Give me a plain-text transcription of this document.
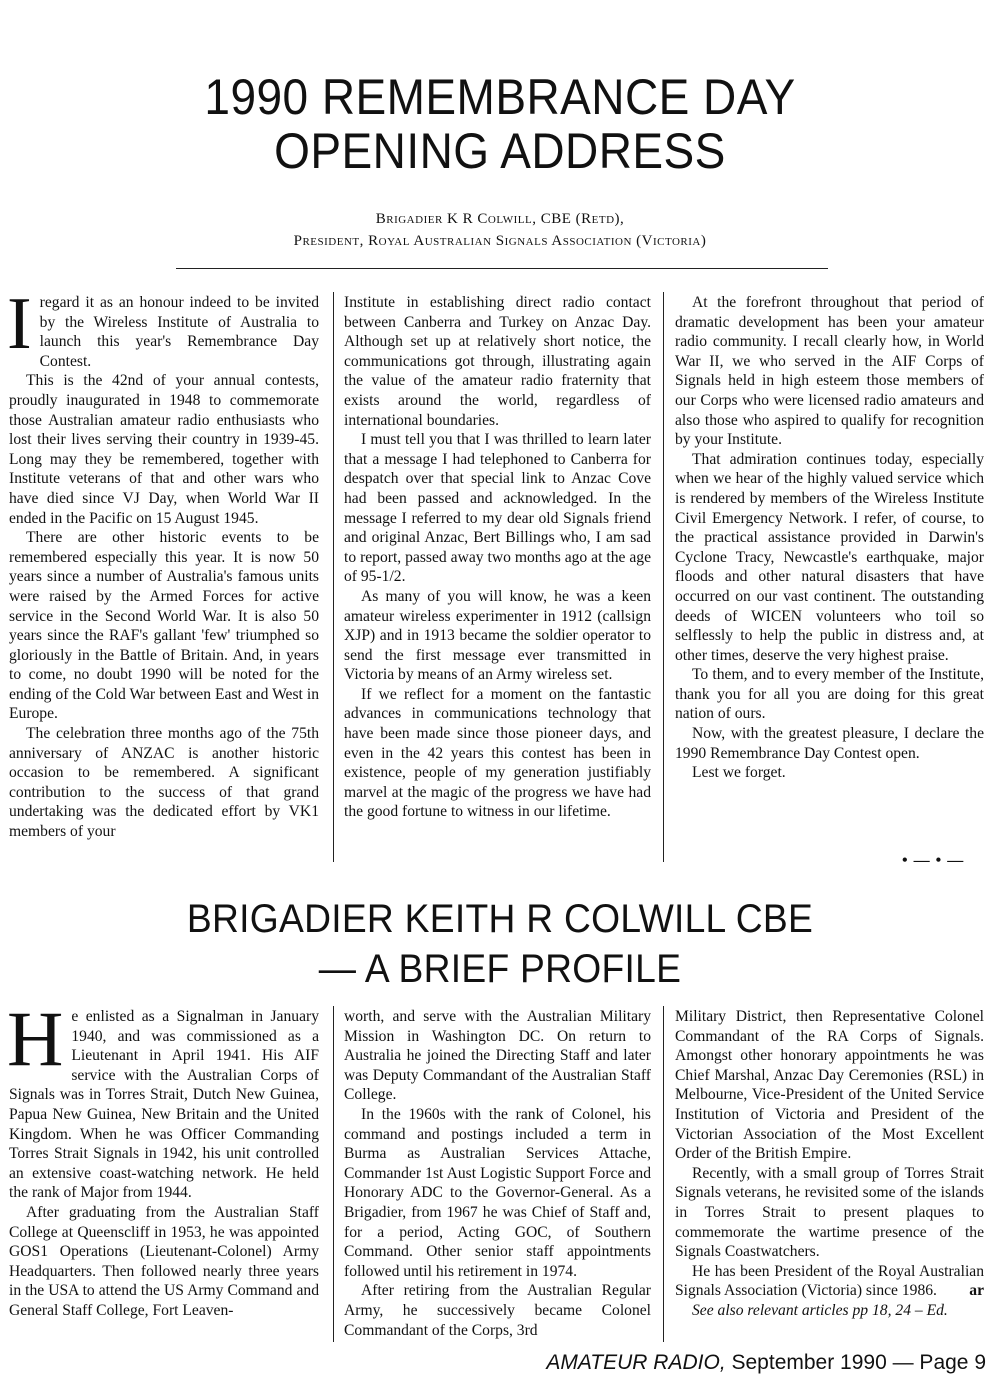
1990 REMEMBRANCE DAY
OPENING ADDRESS
Brigadier K R Colwill, CBE (Retd),
President, Royal Australian Signals Association (Victoria)

Iregard it as an honour indeed to be invited by the Wireless Institute of Australia to launch this year's Remembrance Day Contest.

This is the 42nd of your annual contests, proudly inaugurated in 1948 to commemorate those Australian amateur radio enthusiasts who lost their lives serving their country in 1939-45. Long may they be remembered, together with Institute veterans of that and other wars who have died since VJ Day, when World War II ended in the Pacific on 15 August 1945.

There are other historic events to be remembered especially this year. It is now 50 years since a number of Australia's famous units were raised by the Armed Forces for active service in the Second World War. It is also 50 years since the RAF's gallant 'few' triumphed so gloriously in the Battle of Britain. And, in years to come, no doubt 1990 will be noted for the ending of the Cold War between East and West in Europe.

The celebration three months ago of the 75th anniversary of ANZAC is another historic occasion to be remembered. A significant contribution to the success of that grand undertaking was the dedicated effort by VK1 members of your

Institute in establishing direct radio contact between Canberra and Turkey on Anzac Day. Although set up at relatively short notice, the communications got through, illustrating again the value of the amateur radio fraternity that exists around the world, regardless of international boundaries.

I must tell you that I was thrilled to learn later that a message I had telephoned to Canberra for despatch over that special link to Anzac Cove had been passed and acknowledged. In the message I referred to my dear old Signals friend and original Anzac, Bert Billings who, I am sad to report, passed away two months ago at the age of 95-1/2.

As many of you will know, he was a keen amateur wireless experimenter in 1912 (callsign XJP) and in 1913 became the soldier operator to send the first message ever transmitted in Victoria by means of an Army wireless set.

If we reflect for a moment on the fantastic advances in communications technology that have been made since those pioneer days, and even in the 42 years this contest has been in existence, people of my generation justifiably marvel at the magic of the progress we have had the good fortune to witness in our lifetime.

At the forefront throughout that period of dramatic development has been your amateur radio community. I recall clearly how, in World War II, we who served in the AIF Corps of Signals held in high esteem those members of our Corps who were licensed radio amateurs and also those who aspired to qualify for recognition by your Institute.

That admiration continues today, especially when we hear of the highly valued service which is rendered by members of the Wireless Institute Civil Emergency Network. I refer, of course, to the practical assistance provided in Darwin's Cyclone Tracy, Newcastle's earthquake, major floods and other natural disasters that have occurred on our vast continent. The outstanding deeds of WICEN volunteers who toil so selflessly to help the public in distress and, at other times, deserve the very highest praise.

To them, and to every member of the Institute, thank you for all you are doing for this great nation of ours.

Now, with the greatest pleasure, I declare the 1990 Remembrance Day Contest open.

Lest we forget.

• — • —
BRIGADIER KEITH R COLWILL CBE
— A BRIEF PROFILE

He enlisted as a Signalman in January 1940, and was commissioned as a Lieutenant in April 1941. His AIF service with the Australian Corps of Signals was in Torres Strait, Dutch New Guinea, Papua New Guinea, New Britain and the United Kingdom. When he was Officer Commanding Torres Strait Signals in 1942, his unit controlled an extensive coast-watching network. He held the rank of Major from 1944.

After graduating from the Australian Staff College at Queenscliff in 1953, he was appointed GOS1 Operations (Lieutenant-Colonel) Army Headquarters. Then followed nearly three years in the USA to attend the US Army Command and General Staff College, Fort Leaven-

worth, and serve with the Australian Military Mission in Washington DC. On return to Australia he joined the Directing Staff and later was Deputy Commandant of the Australian Staff College.

In the 1960s with the rank of Colonel, his command and postings included a term in Burma as Australian Services Attache, Commander 1st Aust Logistic Support Force and Honorary ADC to the Governor-General. As a Brigadier, from 1967 he was Chief of Staff and, for a period, Acting GOC, of Southern Command. Other senior staff appointments followed until his retirement in 1974.

After retiring from the Australian Regular Army, he successively became Colonel Commandant of the Corps, 3rd

Military District, then Representative Colonel Commandant of the RA Corps of Signals. Amongst other honorary appointments he was Chief Marshal, Anzac Day Ceremonies (RSL) in Melbourne, Vice-President of the United Service Institution of Victoria and President of the Victorian Association of the Most Excellent Order of the British Empire.

Recently, with a small group of Torres Strait Signals veterans, he revisited some of the islands in Torres Strait to present plaques to commemorate the wartime presence of the Signals Coastwatchers.

He has been President of the Royal Australian Signals Association (Victoria) since 1986.	ar

See also relevant articles pp 18, 24 – Ed.

AMATEUR RADIO, September 1990 — Page 9
